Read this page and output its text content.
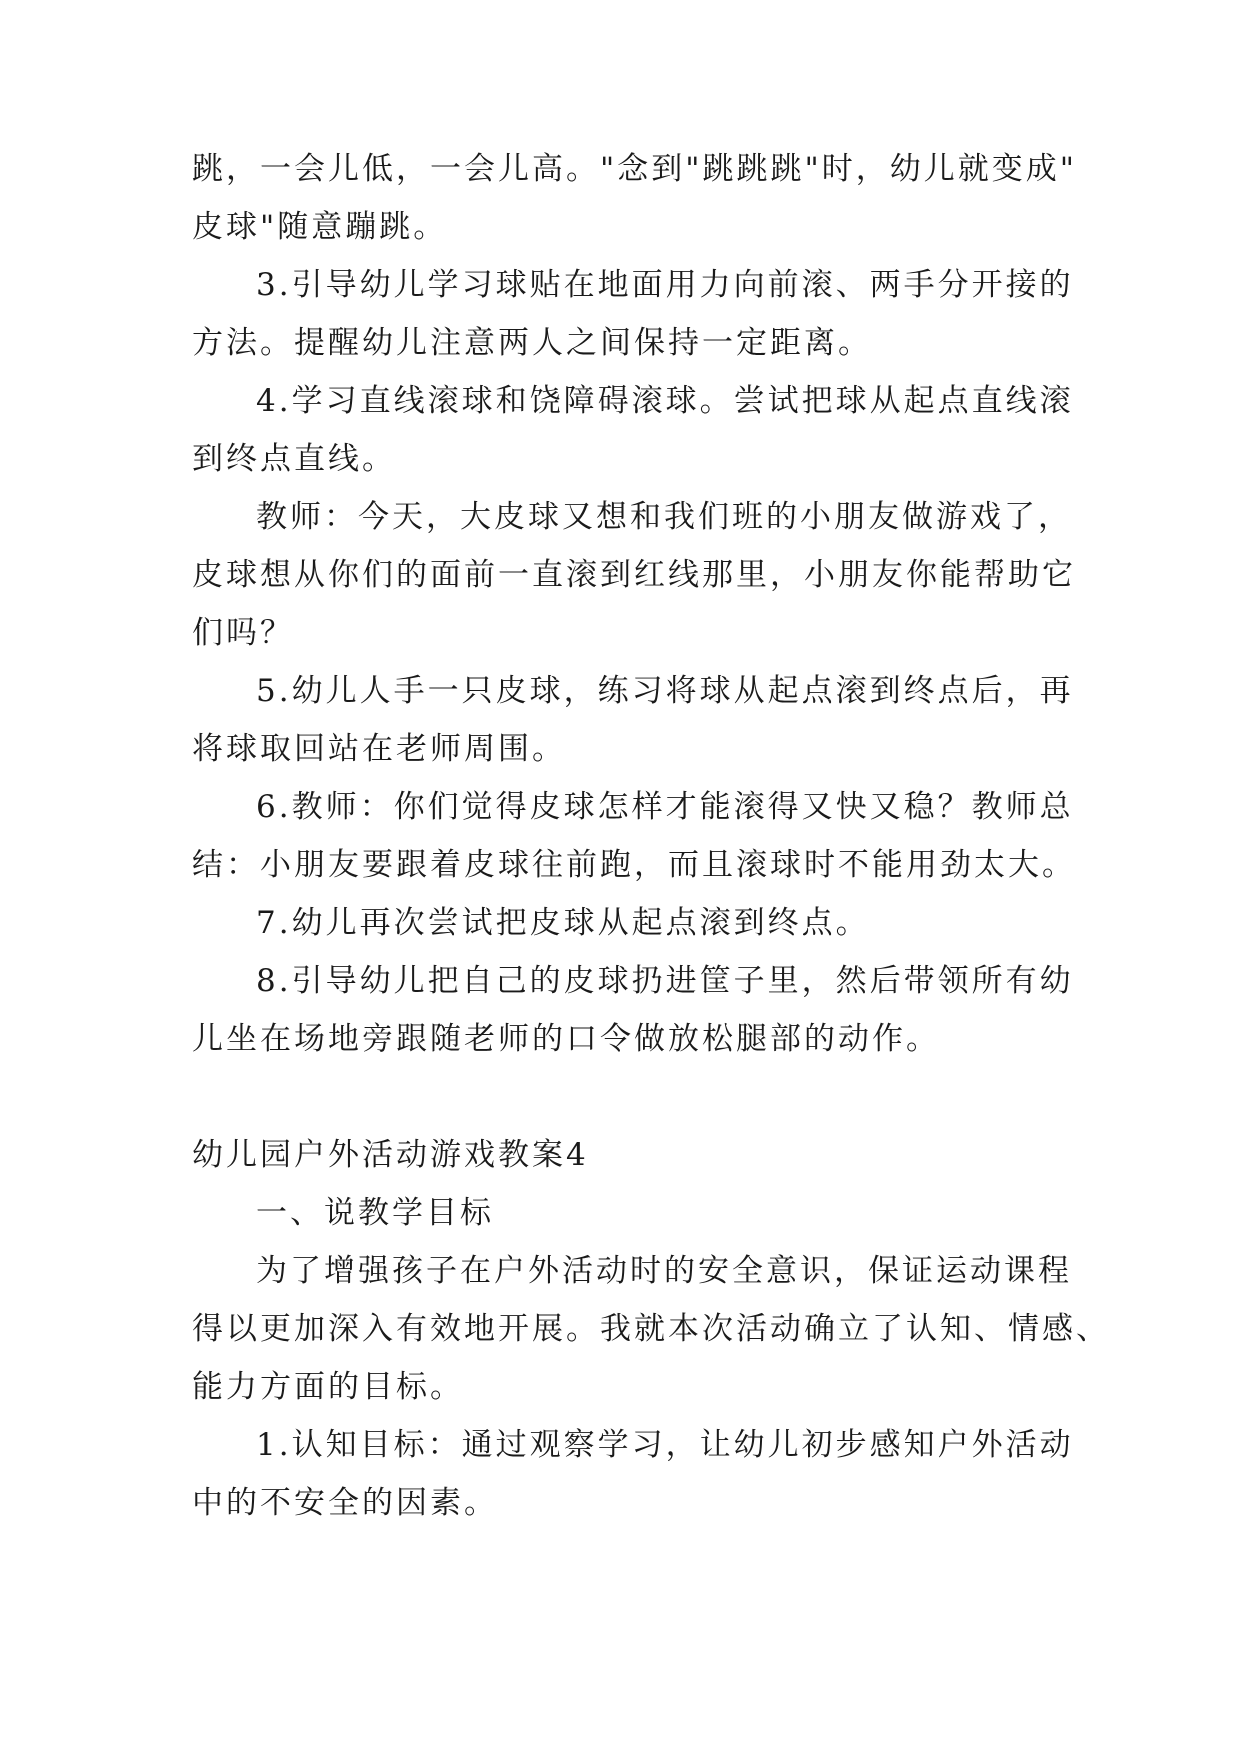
跳，一会儿低，一会儿高。"念到"跳跳跳"时，幼儿就变成"
皮球"随意蹦跳。
3.引导幼儿学习球贴在地面用力向前滚、两手分开接的
方法。提醒幼儿注意两人之间保持一定距离。
4.学习直线滚球和饶障碍滚球。尝试把球从起点直线滚
到终点直线。
教师：今天，大皮球又想和我们班的小朋友做游戏了，
皮球想从你们的面前一直滚到红线那里，小朋友你能帮助它
们吗？
5.幼儿人手一只皮球，练习将球从起点滚到终点后，再
将球取回站在老师周围。
6.教师：你们觉得皮球怎样才能滚得又快又稳？教师总
结：小朋友要跟着皮球往前跑，而且滚球时不能用劲太大。
7.幼儿再次尝试把皮球从起点滚到终点。
8.引导幼儿把自己的皮球扔进筐子里，然后带领所有幼
儿坐在场地旁跟随老师的口令做放松腿部的动作。
幼儿园户外活动游戏教案4
一、说教学目标
为了增强孩子在户外活动时的安全意识，保证运动课程
得以更加深入有效地开展。我就本次活动确立了认知、情感、
能力方面的目标。
1.认知目标：通过观察学习，让幼儿初步感知户外活动
中的不安全的因素。
